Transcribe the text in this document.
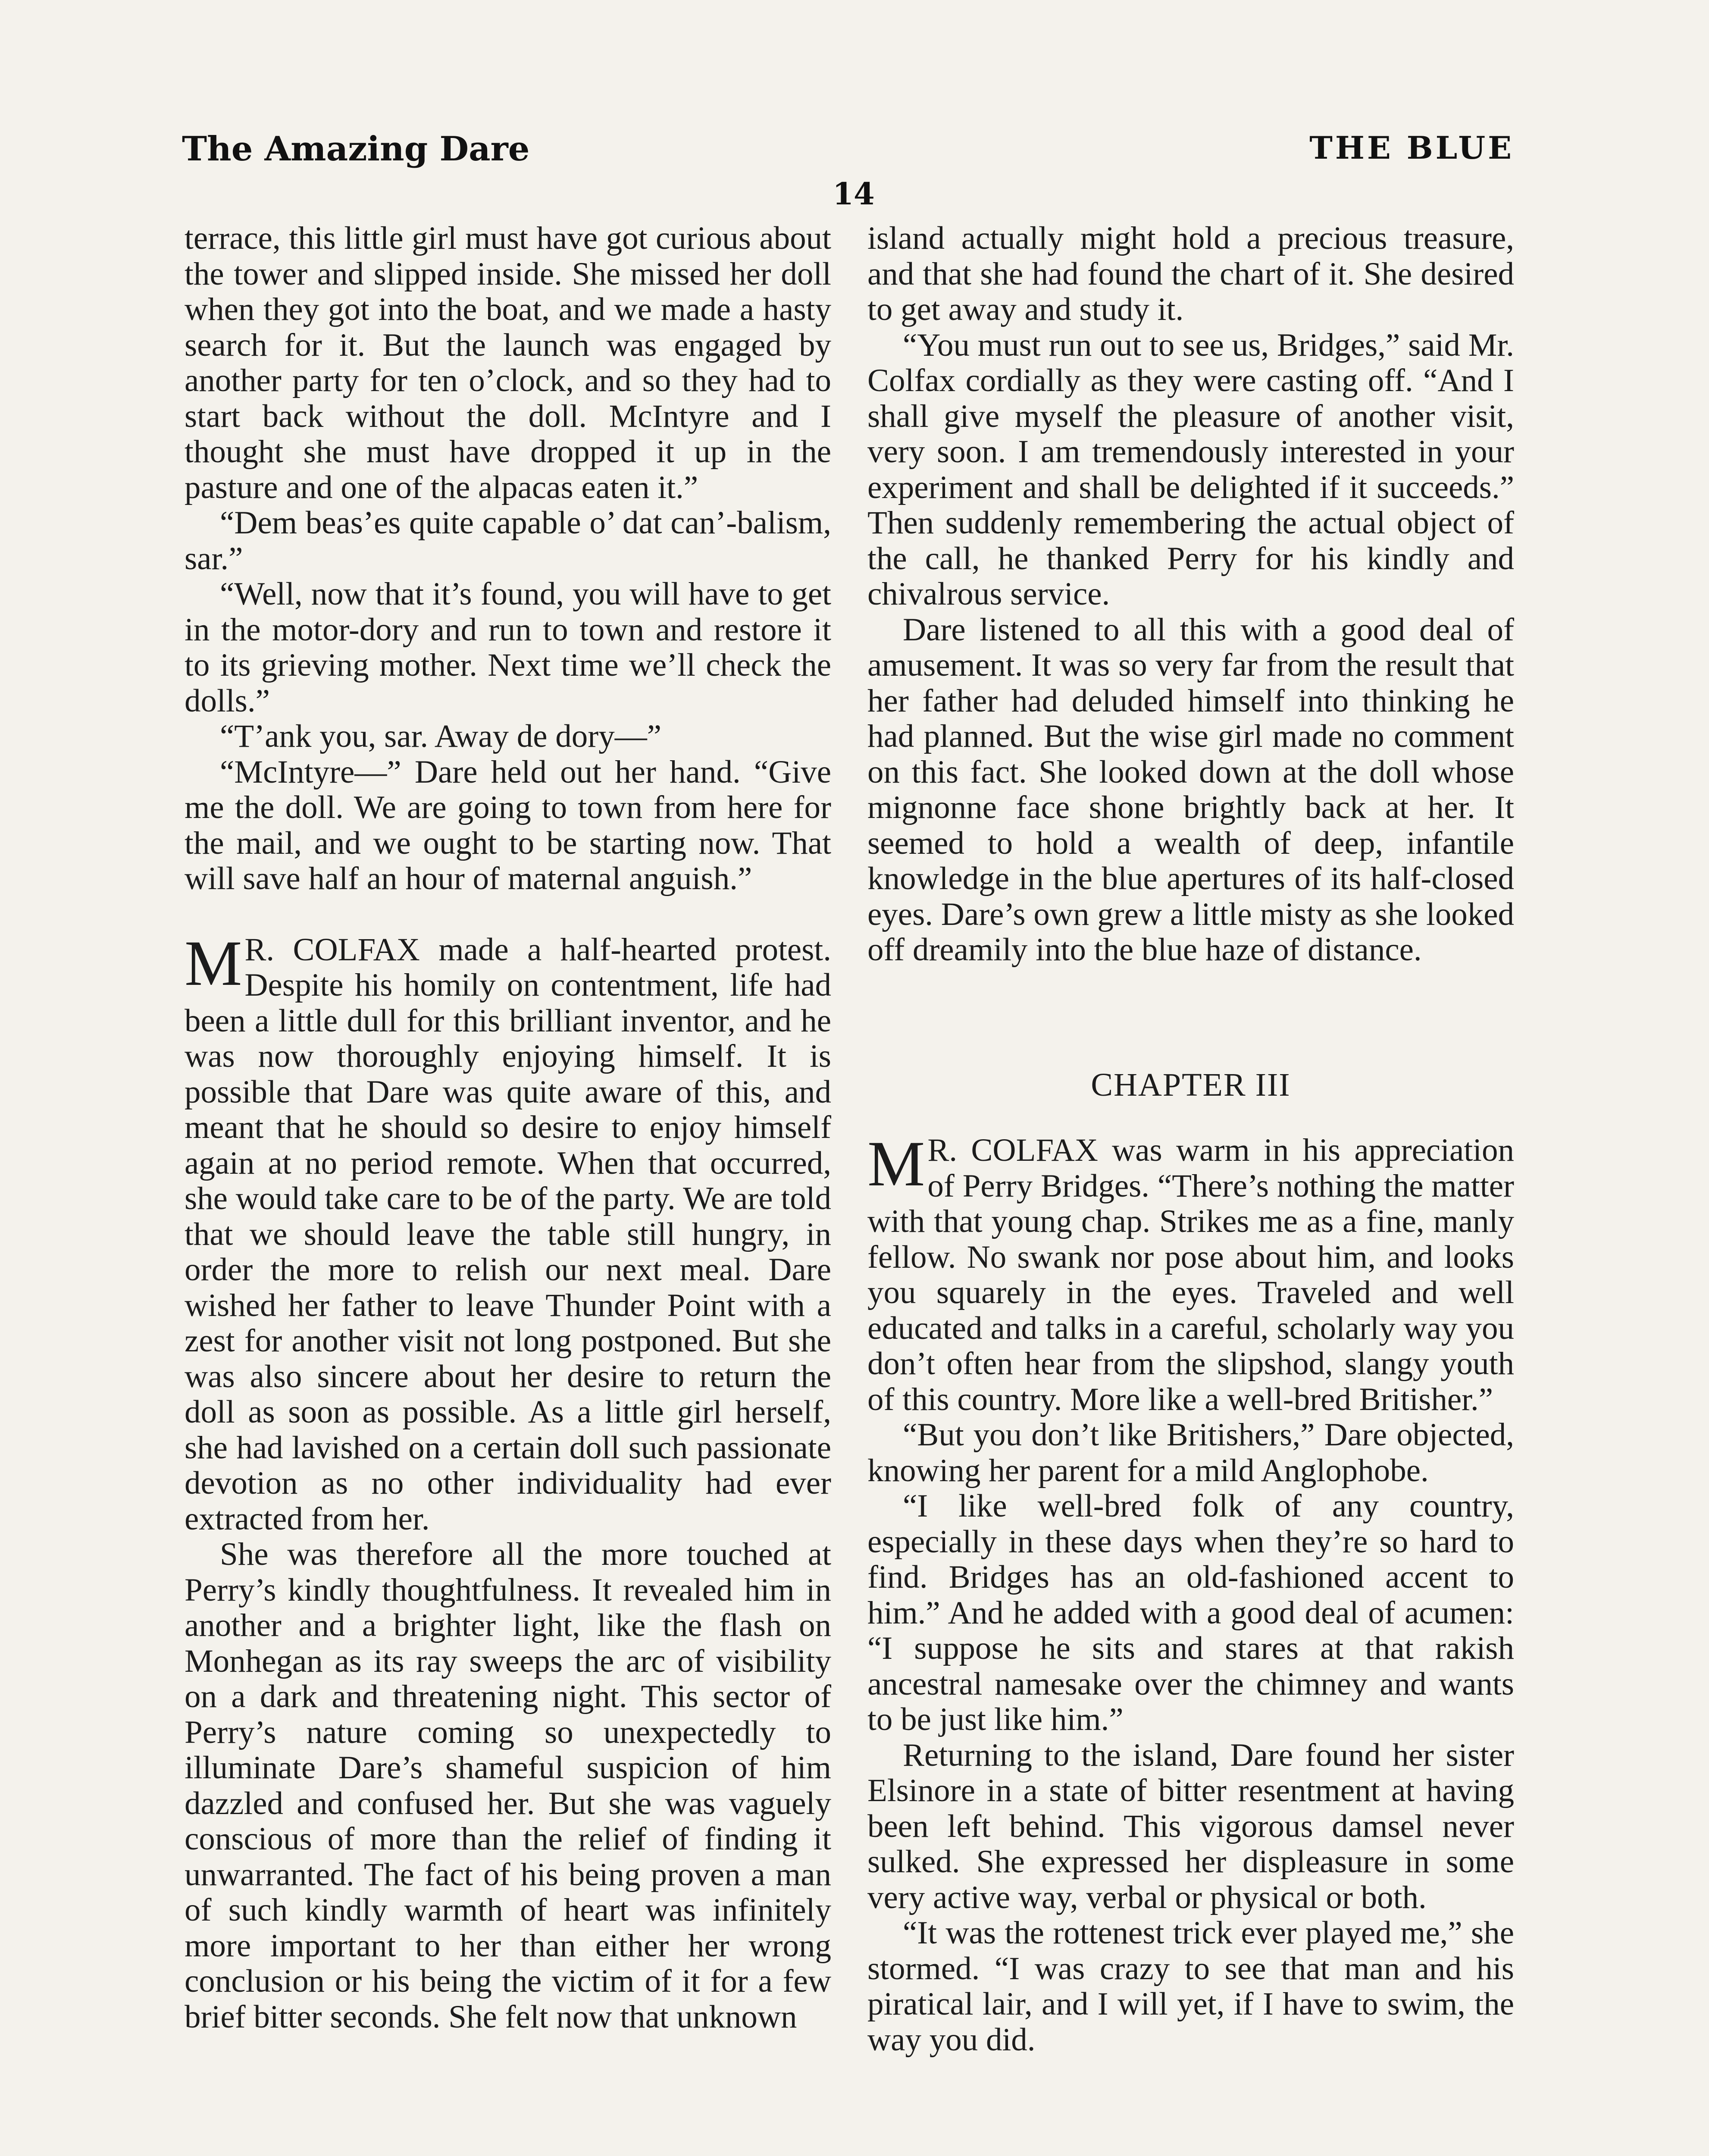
The Amazing Dare	THE BLUE
14

terrace, this little girl must have got curious about the tower and slipped inside. She missed her doll when they got into the boat, and we made a hasty search for it. But the launch was engaged by another party for ten o’clock, and so they had to start back without the doll. McIntyre and I thought she must have dropped it up in the pasture and one of the alpacas eaten it.”

“Dem beas’es quite capable o’ dat can’-balism, sar.”

“Well, now that it’s found, you will have to get in the motor-dory and run to town and restore it to its grieving mother. Next time we’ll check the dolls.”

“T’ank you, sar. Away de dory—”

“McIntyre—” Dare held out her hand. “Give me the doll. We are going to town from here for the mail, and we ought to be starting now. That will save half an hour of maternal anguish.”

M R. COLFAX made a half-hearted protest. Despite his homily on contentment, life had been a little dull for this brilliant inventor, and he was now thoroughly enjoying himself. It is possible that Dare was quite aware of this, and meant that he should so desire to enjoy himself again at no period remote. When that occurred, she would take care to be of the party. We are told that we should leave the table still hungry, in order the more to relish our next meal. Dare wished her father to leave Thunder Point with a zest for another visit not long postponed. But she was also sincere about her desire to return the doll as soon as possible. As a little girl herself, she had lavished on a certain doll such passionate devotion as no other individuality had ever extracted from her.

She was therefore all the more touched at Perry’s kindly thoughtfulness. It revealed him in another and a brighter light, like the flash on Monhegan as its ray sweeps the arc of visibility on a dark and threatening night. This sector of Perry’s nature coming so unexpectedly to illuminate Dare’s shameful suspicion of him dazzled and confused her. But she was vaguely conscious of more than the relief of finding it unwarranted. The fact of his being proven a man of such kindly warmth of heart was infinitely more important to her than either her wrong conclusion or his being the victim of it for a few brief bitter seconds. She felt now that unknown

island actually might hold a precious treasure, and that she had found the chart of it. She desired to get away and study it.

“You must run out to see us, Bridges,” said Mr. Colfax cordially as they were casting off. “And I shall give myself the pleasure of another visit, very soon. I am tremendously interested in your experiment and shall be delighted if it succeeds.” Then suddenly remembering the actual object of the call, he thanked Perry for his kindly and chivalrous service.

Dare listened to all this with a good deal of amusement. It was so very far from the result that her father had deluded himself into thinking he had planned. But the wise girl made no comment on this fact. She looked down at the doll whose mignonne face shone brightly back at her. It seemed to hold a wealth of deep, infantile knowledge in the blue apertures of its half-closed eyes. Dare’s own grew a little misty as she looked off dreamily into the blue haze of distance.

CHAPTER III

M R. COLFAX was warm in his appreciation of Perry Bridges. “There’s nothing the matter with that young chap. Strikes me as a fine, manly fellow. No swank nor pose about him, and looks you squarely in the eyes. Traveled and well educated and talks in a careful, scholarly way you don’t often hear from the slipshod, slangy youth of this country. More like a well-bred Britisher.”

“But you don’t like Britishers,” Dare objected, knowing her parent for a mild Anglophobe.

“I like well-bred folk of any country, especially in these days when they’re so hard to find. Bridges has an old-fashioned accent to him.” And he added with a good deal of acumen: “I suppose he sits and stares at that rakish ancestral namesake over the chimney and wants to be just like him.”

Returning to the island, Dare found her sister Elsinore in a state of bitter resentment at having been left behind. This vigorous damsel never sulked. She expressed her displeasure in some very active way, verbal or physical or both.

“It was the rottenest trick ever played me,” she stormed. “I was crazy to see that man and his piratical lair, and I will yet, if I have to swim, the way you did.
